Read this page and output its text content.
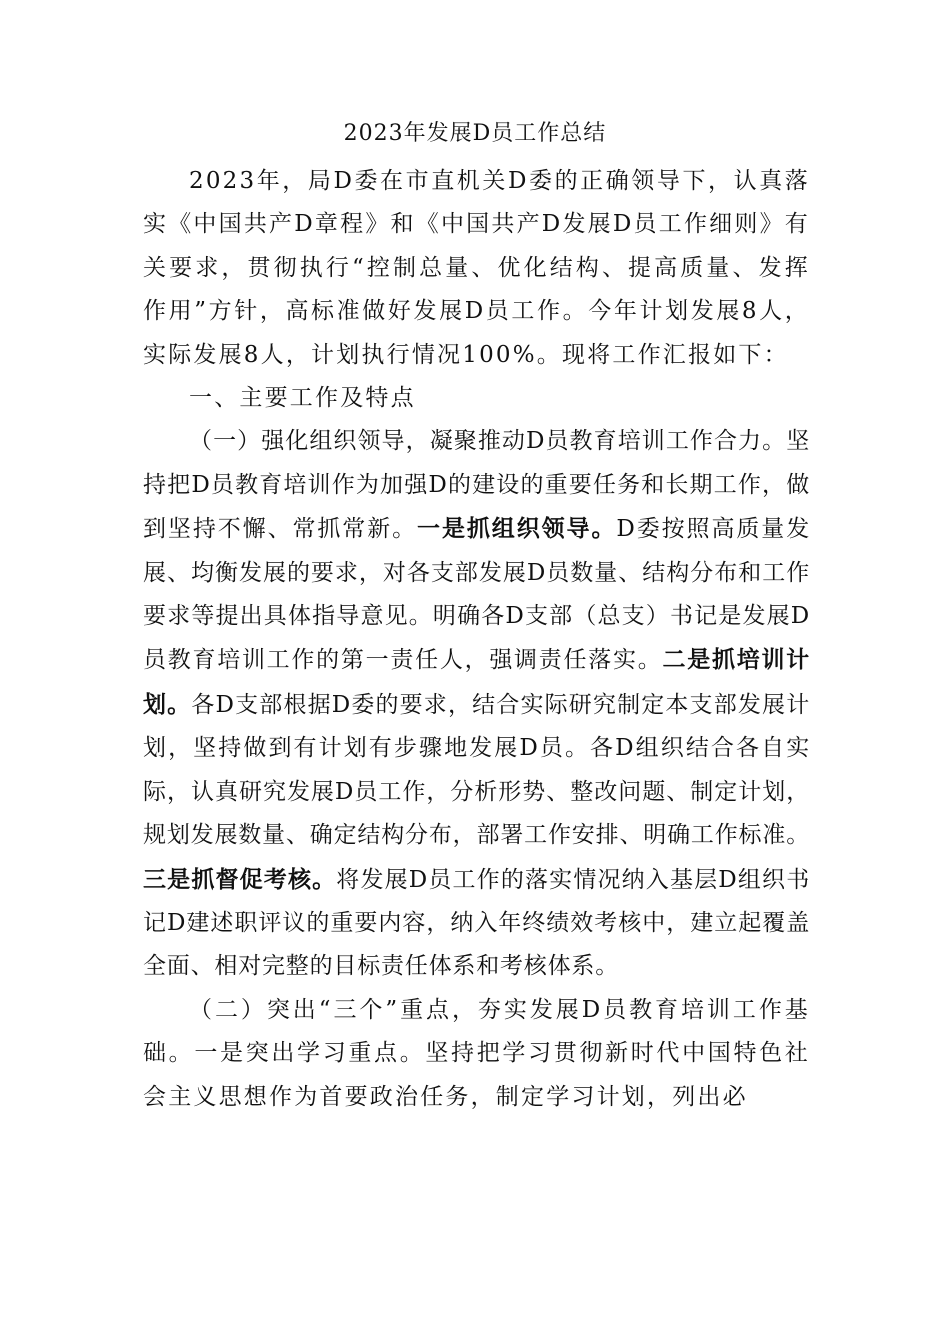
2023年发展D员工作总结

2023年，局D委在市直机关D委的正确领导下，认真落实《中国共产D章程》和《中国共产D发展D员工作细则》有关要求，贯彻执行“控制总量、优化结构、提高质量、发挥作用”方针，高标准做好发展D员工作。今年计划发展8人，实际发展8人，计划执行情况100%。现将工作汇报如下：

一、主要工作及特点

（一）强化组织领导，凝聚推动D员教育培训工作合力。坚持把D员教育培训作为加强D的建设的重要任务和长期工作，做到坚持不懈、常抓常新。一是抓组织领导。D委按照高质量发展、均衡发展的要求，对各支部发展D员数量、结构分布和工作要求等提出具体指导意见。明确各D支部（总支）书记是发展D员教育培训工作的第一责任人，强调责任落实。二是抓培训计划。各D支部根据D委的要求，结合实际研究制定本支部发展计划，坚持做到有计划有步骤地发展D员。各D组织结合各自实际，认真研究发展D员工作，分析形势、整改问题、制定计划，规划发展数量、确定结构分布，部署工作安排、明确工作标准。三是抓督促考核。将发展D员工作的落实情况纳入基层D组织书记D建述职评议的重要内容，纳入年终绩效考核中，建立起覆盖全面、相对完整的目标责任体系和考核体系。

（二）突出“三个”重点，夯实发展D员教育培训工作基础。一是突出学习重点。坚持把学习贯彻新时代中国特色社会主义思想作为首要政治任务，制定学习计划，列出必
